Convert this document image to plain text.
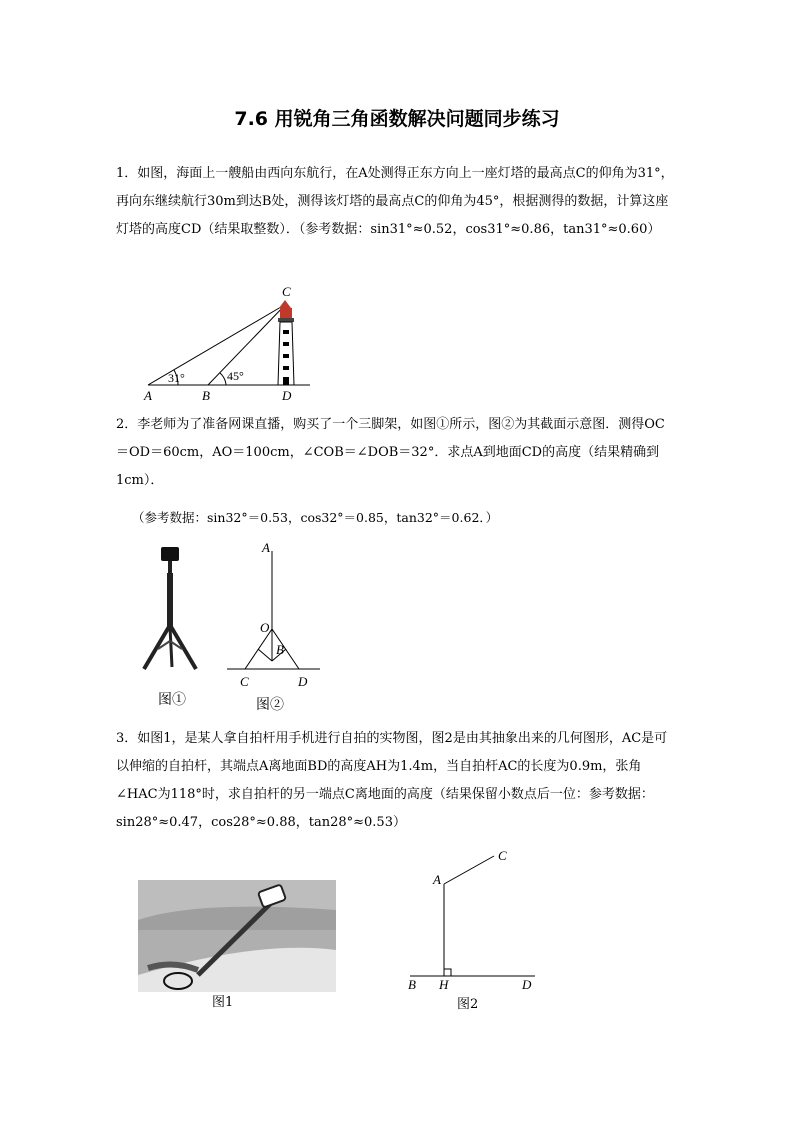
7.6 用锐角三角函数解决问题同步练习
1．如图，海面上一艘船由西向东航行，在A处测得正东方向上一座灯塔的最高点C的仰角为31°，再向东继续航行30m到达B处，测得该灯塔的最高点C的仰角为45°，根据测得的数据，计算这座灯塔的高度CD（结果取整数）．（参考数据：sin31°≈0.52，cos31°≈0.86，tan31°≈0.60）
A	B
C
D
31°	45°
2．李老师为了准备网课直播，购买了一个三脚架，如图①所示，图②为其截面示意图．测得OC＝OD＝60cm，AO＝100cm，∠COB＝∠DOB＝32°．求点A到地面CD的高度（结果精确到1cm）．
（参考数据：sin32°＝0.53，cos32°＝0.85，tan32°＝0.62．）
图①
A
O
B
C	D
图②
3．如图1，是某人拿自拍杆用手机进行自拍的实物图，图2是由其抽象出来的几何图形，AC是可以伸缩的自拍杆，其端点A离地面BD的高度AH为1.4m，当自拍杆AC的长度为0.9m，张角∠HAC为118°时，求自拍杆的另一端点C离地面的高度（结果保留小数点后一位：参考数据：sin28°≈0.47，cos28°≈0.88，tan28°≈0.53）
图1
A
C
B H	D
图2
